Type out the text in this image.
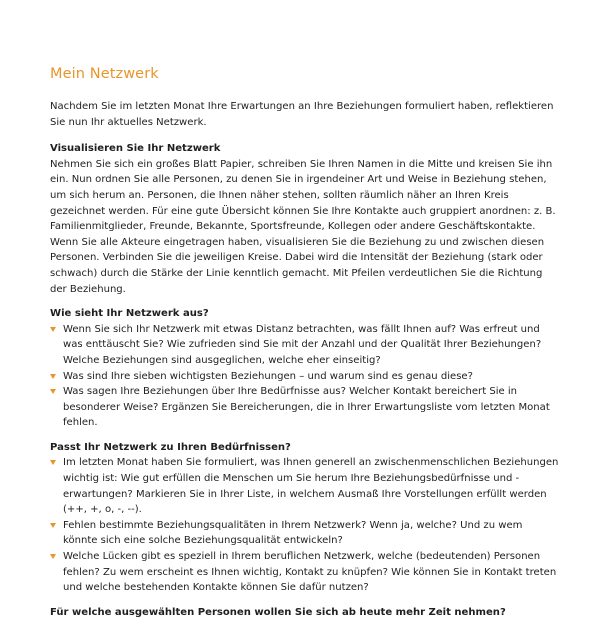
Mein Netzwerk

Nachdem Sie im letzten Monat Ihre Erwartungen an Ihre Beziehungen formuliert haben, reflektieren Sie nun Ihr aktuelles Netzwerk.

Visualisieren Sie Ihr Netzwerk

Nehmen Sie sich ein großes Blatt Papier, schreiben Sie Ihren Namen in die Mitte und kreisen Sie ihn ein. Nun ordnen Sie alle Personen, zu denen Sie in irgendeiner Art und Weise in Beziehung stehen, um sich herum an. Personen, die Ihnen näher stehen, sollten räumlich näher an Ihren Kreis gezeichnet werden. Für eine gute Übersicht können Sie Ihre Kontakte auch gruppiert anordnen: z. B. Familienmitglieder, Freunde, Bekannte, Sportsfreunde, Kollegen oder andere Geschäftskontakte. Wenn Sie alle Akteure eingetragen haben, visualisieren Sie die Beziehung zu und zwischen diesen Personen. Verbinden Sie die jeweiligen Kreise. Dabei wird die Intensität der Beziehung (stark oder schwach) durch die Stärke der Linie kenntlich gemacht. Mit Pfeilen verdeutlichen Sie die Richtung der Beziehung.

Wie sieht Ihr Netzwerk aus?
Wenn Sie sich Ihr Netzwerk mit etwas Distanz betrachten, was fällt Ihnen auf? Was erfreut und was enttäuscht Sie? Wie zufrieden sind Sie mit der Anzahl und der Qualität Ihrer Beziehungen? Welche Beziehungen sind ausgeglichen, welche eher einseitig?
Was sind Ihre sieben wichtigsten Beziehungen – und warum sind es genau diese?
Was sagen Ihre Beziehungen über Ihre Bedürfnisse aus? Welcher Kontakt bereichert Sie in besonderer Weise? Ergänzen Sie Bereicherungen, die in Ihrer Erwartungsliste vom letzten Monat fehlen.
Passt Ihr Netzwerk zu Ihren Bedürfnissen?
Im letzten Monat haben Sie formuliert, was Ihnen generell an zwischenmenschlichen Beziehungen wichtig ist: Wie gut erfüllen die Menschen um Sie herum Ihre Beziehungsbedürfnisse und -erwartungen? Markieren Sie in Ihrer Liste, in welchem Ausmaß Ihre Vorstellungen erfüllt werden (++, +, o, -, --).
Fehlen bestimmte Beziehungsqualitäten in Ihrem Netzwerk? Wenn ja, welche? Und zu wem könnte sich eine solche Beziehungsqualität entwickeln?
Welche Lücken gibt es speziell in Ihrem beruflichen Netzwerk, welche (bedeutenden) Personen fehlen? Zu wem erscheint es Ihnen wichtig, Kontakt zu knüpfen? Wie können Sie in Kontakt treten und welche bestehenden Kontakte können Sie dafür nutzen?

Für welche ausgewählten Personen wollen Sie sich ab heute mehr Zeit nehmen?
